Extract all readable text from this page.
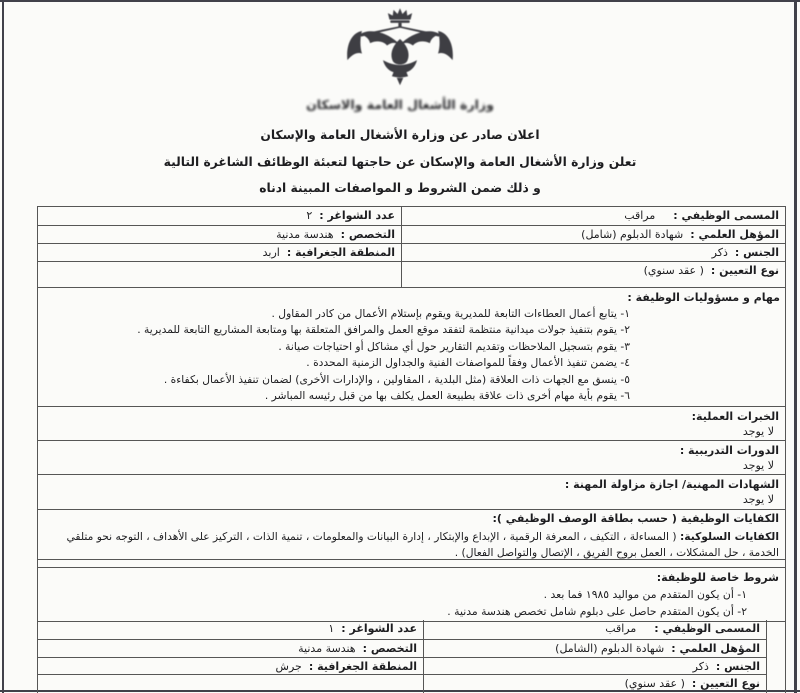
وزارة الأشغال العامة والاسكان
اعلان صادر عن وزارة الأشغال العامة والإسكان
تعلن وزارة الأشغال العامة والإسكان عن حاجتها لتعبئة الوظائف الشاغرة التالية
و ذلك ضمن الشروط و المواصفات المبينة ادناه
المسمى الوظيفي :مراقب
عدد الشواغر :٢
المؤهل العلمي :شهادة الدبلوم (شامل)
التخصص :هندسة مدنية
الجنس :ذكر
المنطقة الجغرافية :اربد
نوع التعيين :( عقد سنوي)
مهام و مسؤوليات الوظيفة :
١- يتابع أعمال العطاءات التابعة للمديرية ويقوم بإستلام الأعمال من كادر المقاول .
٢- يقوم بتنفيذ جولات ميدانية منتظمة لتفقد موقع العمل والمرافق المتعلقة بها ومتابعة المشاريع التابعة للمديرية .
٣- يقوم بتسجيل الملاحظات وتقديم التقارير حول أي مشاكل أو احتياجات صيانة .
٤- يضمن تنفيذ الأعمال وفقاً للمواصفات الفنية والجداول الزمنية المحددة .
٥- ينسق مع الجهات ذات العلاقة (مثل البلدية ، المقاولين ، والإدارات الأخرى) لضمان تنفيذ الأعمال بكفاءة .
٦- يقوم بأية مهام أخرى ذات علاقة بطبيعة العمل يكلف بها من قبل رئيسه المباشر .
الخبرات العملية:
لا يوجد
الدورات التدريبية :
لا يوجد
الشهادات المهنية/ اجازة مزاولة المهنة :
لا يوجد
الكفايات الوظيفية ( حسب بطاقة الوصف الوظيفي ):
الكفايات السلوكية: ( المساءلة ، التكيف ، المعرفة الرقمية ، الإبداع والإبتكار ، إدارة البيانات والمعلومات ، تنمية الذات ، التركيز على الأهداف ، التوجه نحو متلقي الخدمة ، حل المشكلات ، العمل بروح الفريق ، الإتصال والتواصل الفعال) .
شروط خاصة للوظيفة:
١- أن يكون المتقدم من مواليد ١٩٨٥ فما بعد .
٢- أن يكون المتقدم حاصل على دبلوم شامل تخصص هندسة مدنية .
المسمى الوظيفي :مراقب
عدد الشواغر :١
المؤهل العلمي :شهادة الدبلوم (الشامل)
التخصص :هندسة مدنية
الجنس :ذكر
المنطقة الجغرافية :جرش
نوع التعيين :( عقد سنوي)
